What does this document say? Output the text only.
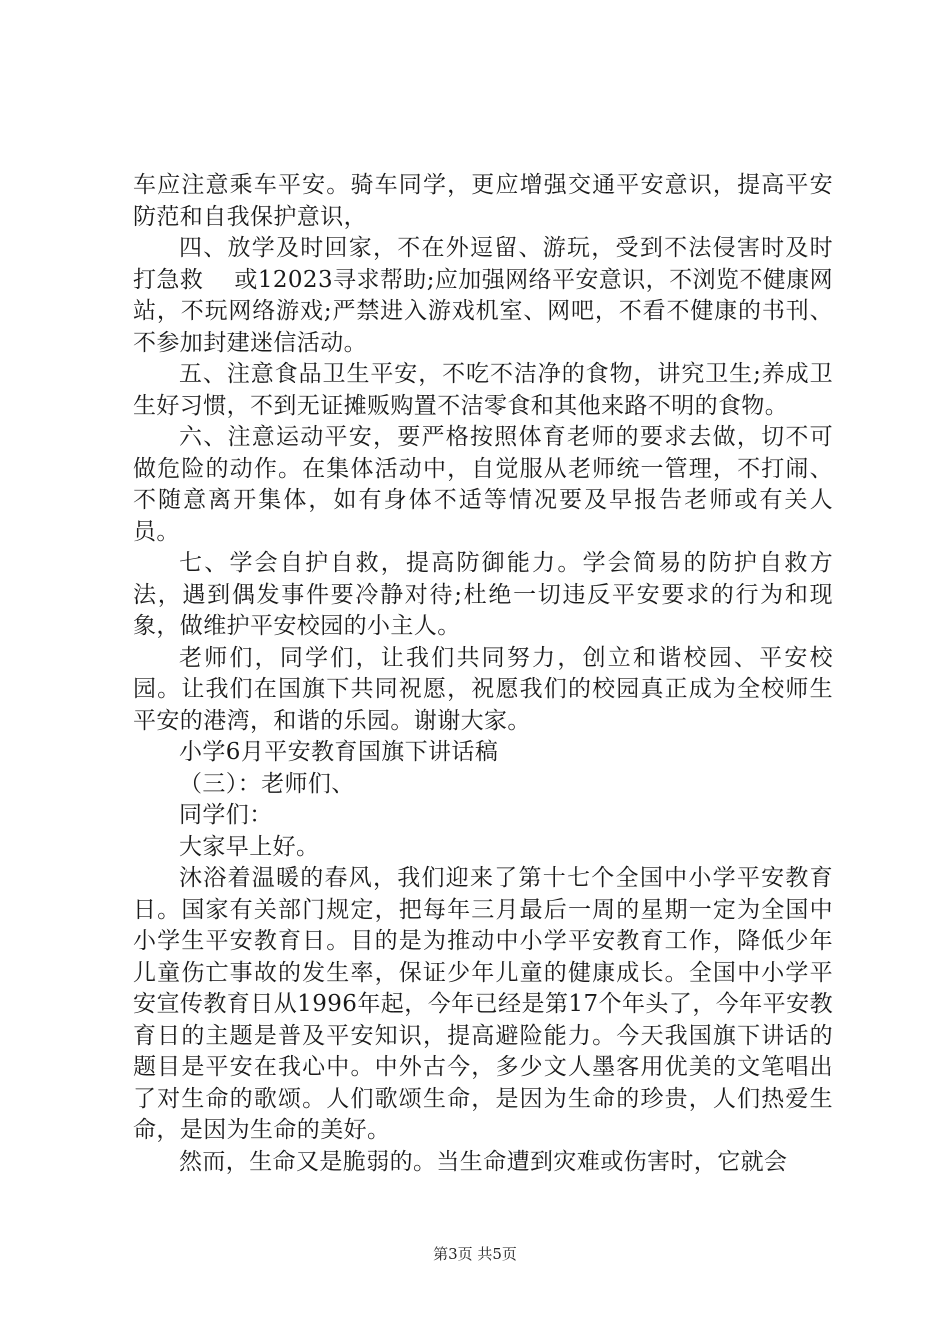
车应注意乘车平安。骑车同学，更应增强交通平安意识，提高平安防范和自我保护意识，

四、放学及时回家，不在外逗留、游玩，受到不法侵害时及时打急救　 或12023寻求帮助;应加强网络平安意识，不浏览不健康网站，不玩网络游戏;严禁进入游戏机室、网吧，不看不健康的书刊、不参加封建迷信活动。

五、注意食品卫生平安，不吃不洁净的食物，讲究卫生;养成卫生好习惯，不到无证摊贩购置不洁零食和其他来路不明的食物。

六、注意运动平安，要严格按照体育老师的要求去做，切不可做危险的动作。在集体活动中，自觉服从老师统一管理，不打闹、不随意离开集体，如有身体不适等情况要及早报告老师或有关人员。

七、学会自护自救，提高防御能力。学会简易的防护自救方法，遇到偶发事件要冷静对待;杜绝一切违反平安要求的行为和现象，做维护平安校园的小主人。

老师们，同学们，让我们共同努力，创立和谐校园、平安校园。让我们在国旗下共同祝愿，祝愿我们的校园真正成为全校师生平安的港湾，和谐的乐园。谢谢大家。

小学6月平安教育国旗下讲话稿

（三）：老师们、

同学们：

大家早上好。

沐浴着温暖的春风，我们迎来了第十七个全国中小学平安教育日。国家有关部门规定，把每年三月最后一周的星期一定为全国中小学生平安教育日。目的是为推动中小学平安教育工作，降低少年儿童伤亡事故的发生率，保证少年儿童的健康成长。全国中小学平安宣传教育日从1996年起，今年已经是第17个年头了，今年平安教育日的主题是普及平安知识，提高避险能力。今天我国旗下讲话的题目是平安在我心中。中外古今，多少文人墨客用优美的文笔唱出了对生命的歌颂。人们歌颂生命，是因为生命的珍贵，人们热爱生命，是因为生命的美好。

然而，生命又是脆弱的。当生命遭到灾难或伤害时，它就会

第3页 共5页
